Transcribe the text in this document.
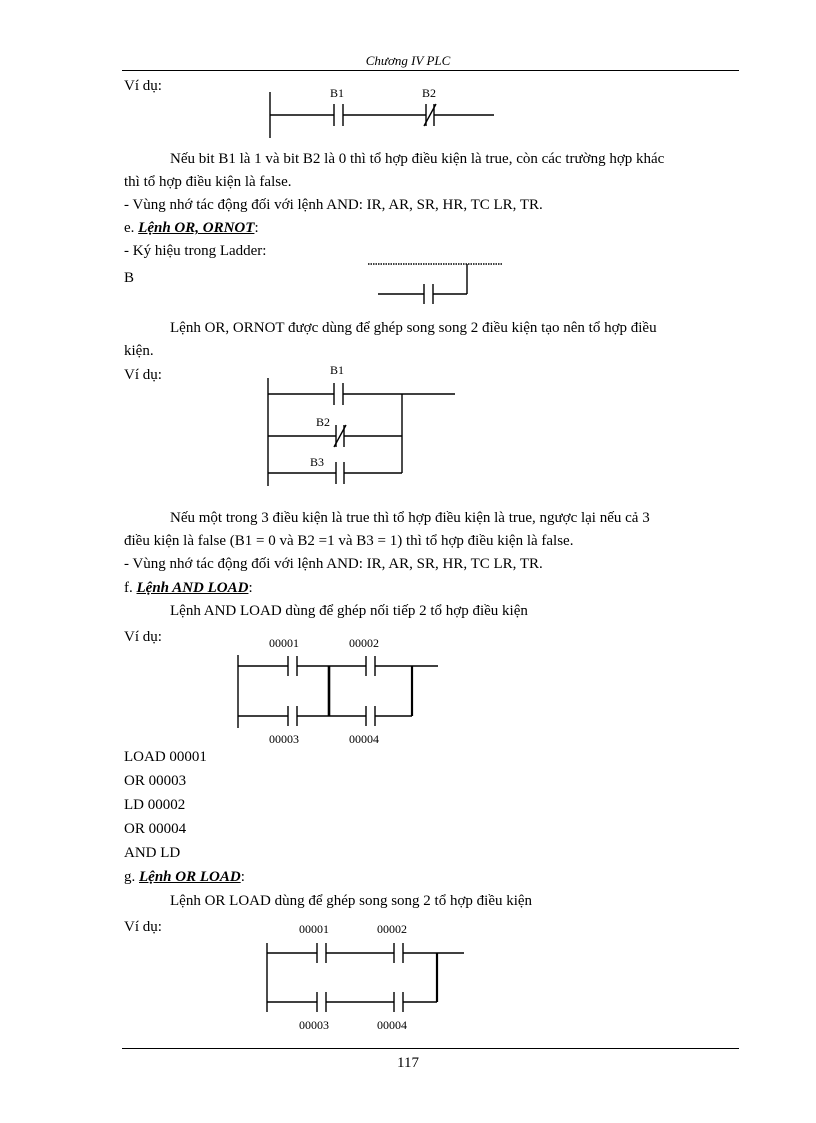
Chương IV PLC
Ví dụ:	B1	B2
Nếu bit B1 là 1 và bit B2 là 0 thì tổ hợp điều kiện là true, còn các trường hợp khác
thì tổ hợp điều kiện là false.
- Vùng nhớ tác động đối với lệnh AND: IR, AR, SR, HR, TC LR, TR.
e. Lệnh OR, ORNOT:
- Ký hiệu trong Ladder:
B
Lệnh OR, ORNOT được dùng để ghép song song 2 điều kiện tạo nên tổ hợp điều
kiện.
Ví dụ:	B1
B2
B3
Nếu một trong 3 điều kiện là true thì tổ hợp điều kiện là true, ngược lại nếu cả 3
điều kiện là false (B1 = 0 và B2 =1 và B3 = 1) thì tổ hợp điều kiện là false.
- Vùng nhớ tác động đối với lệnh AND: IR, AR, SR, HR, TC LR, TR.
f. Lệnh AND LOAD:
Lệnh AND LOAD dùng để ghép nối tiếp 2 tổ hợp điều kiện
Ví dụ:	00001	00002
00003	00004
LOAD 00001
OR 00003
LD 00002
OR 00004
AND LD
g. Lệnh OR LOAD:
Lệnh OR LOAD dùng để ghép song song 2 tổ hợp điều kiện
Ví dụ:	00001	00002
00003	00004
117
